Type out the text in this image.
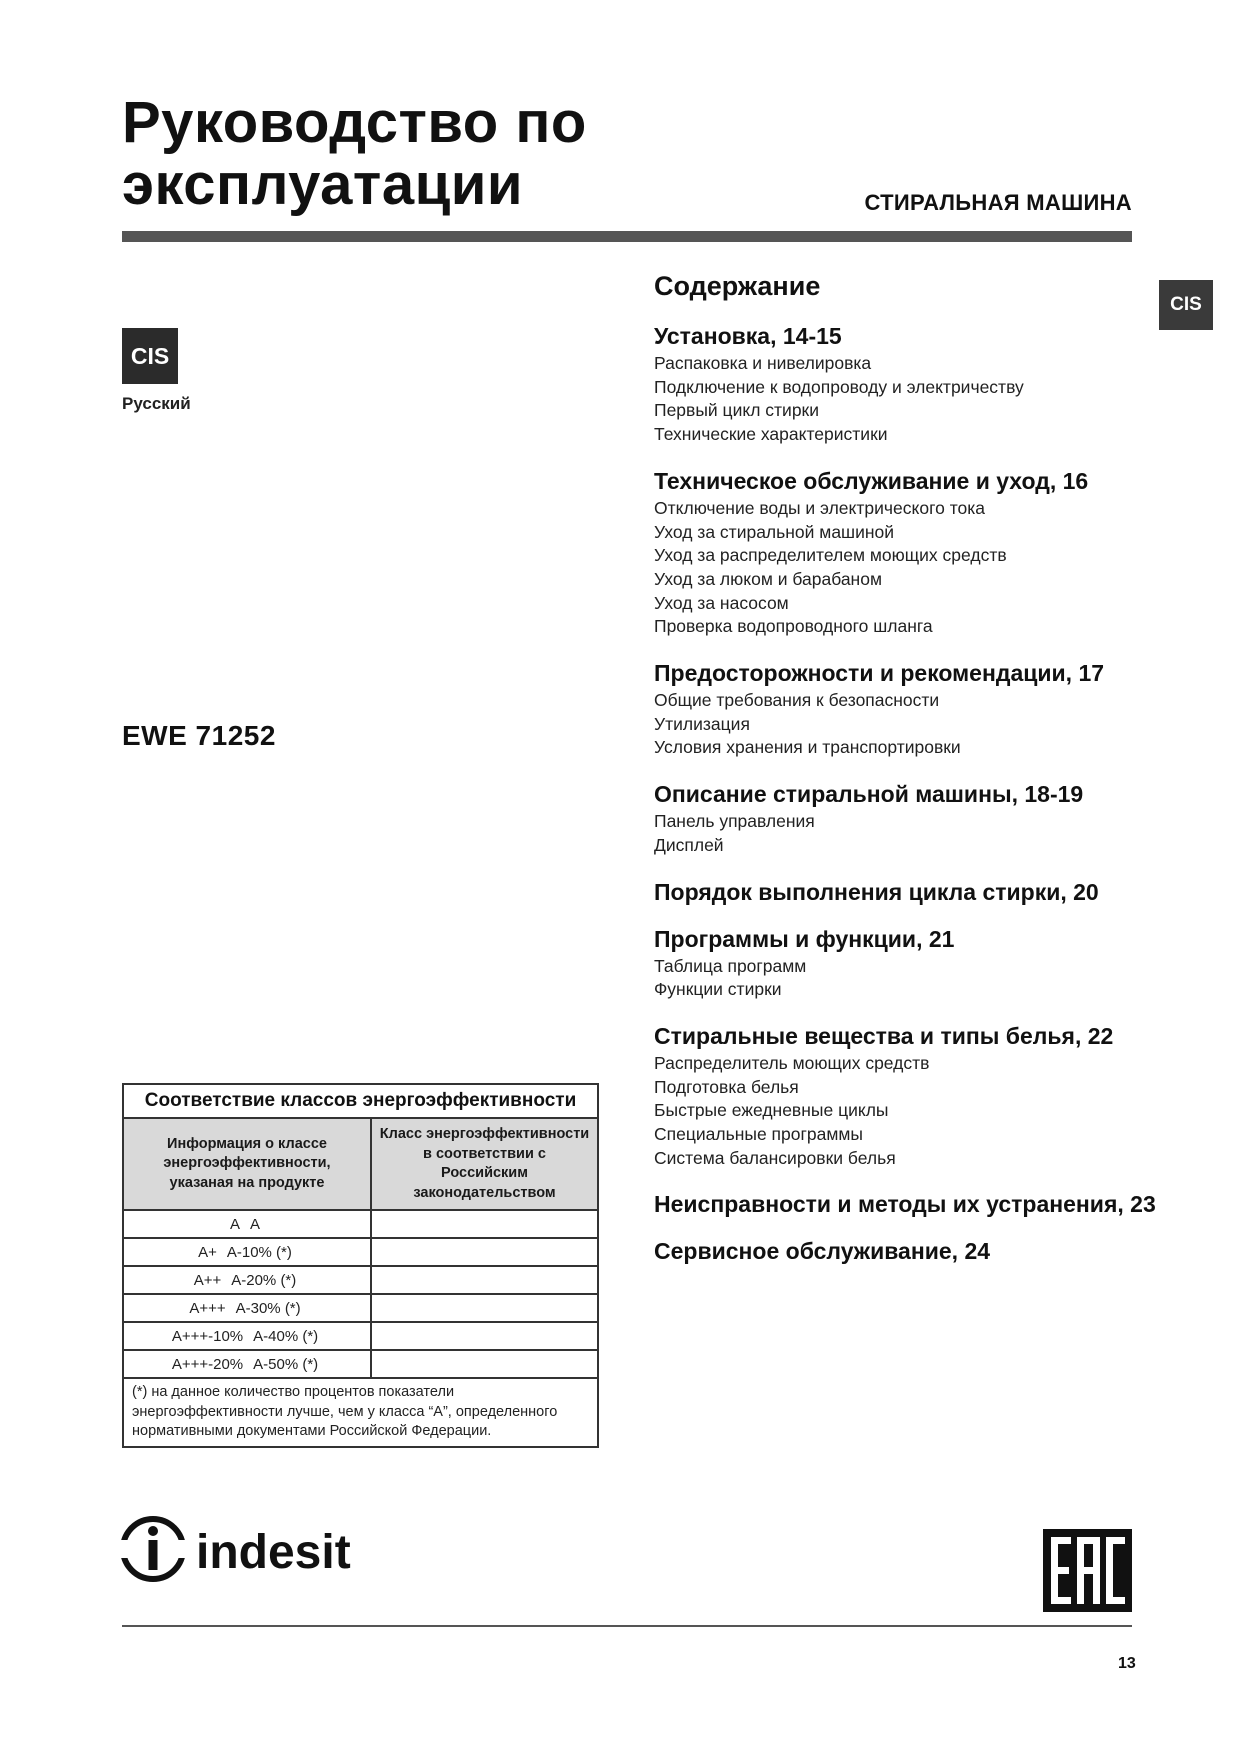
Руководство по
эксплуатации	СТИРАЛЬНАЯ МАШИНА
CIS
Русский
EWE 71252
CIS
Содержание
Установка, 14-15
Распаковка и нивелировка
Подключение к водопроводу и электричеству
Первый цикл стирки
Технические характеристики
Техническое обслуживание и уход, 16
Отключение воды и электрического тока
Уход за стиральной машиной
Уход за распределителем моющих средств
Уход за люком и барабаном
Уход за насосом
Проверка водопроводного шланга
Предосторожности и рекомендации, 17
Общие требования к безопасности
Утилизация
Условия хранения и транспортировки
Описание стиральной машины, 18-19
Панель управления
Дисплей
Порядок выполнения цикла стирки, 20
Программы и функции, 21
Таблица программ
Функции стирки
Стиральные вещества и типы белья, 22
Распределитель моющих средств
Подготовка белья
Быстрые ежедневные циклы
Специальные программы
Система балансировки белья
Неисправности и методы их устранения, 23
Сервисное обслуживание, 24
Соответствие классов энергоэффективности	
Информация о классе энергоэффективности, указаная на продукте	Класс энергоэффективности в соответствии с Российским законодательством

A A	

A+ A-10% (*)	

A++ A-20% (*)	

A+++ A-30% (*)	

A+++-10% A-40% (*)	

A+++-20% A-50% (*)	

(*) на данное количество процентов показатели энергоэффективности лучше, чем у класса “A”, определенного нормативными документами Российской Федерации.	
indesit
13
